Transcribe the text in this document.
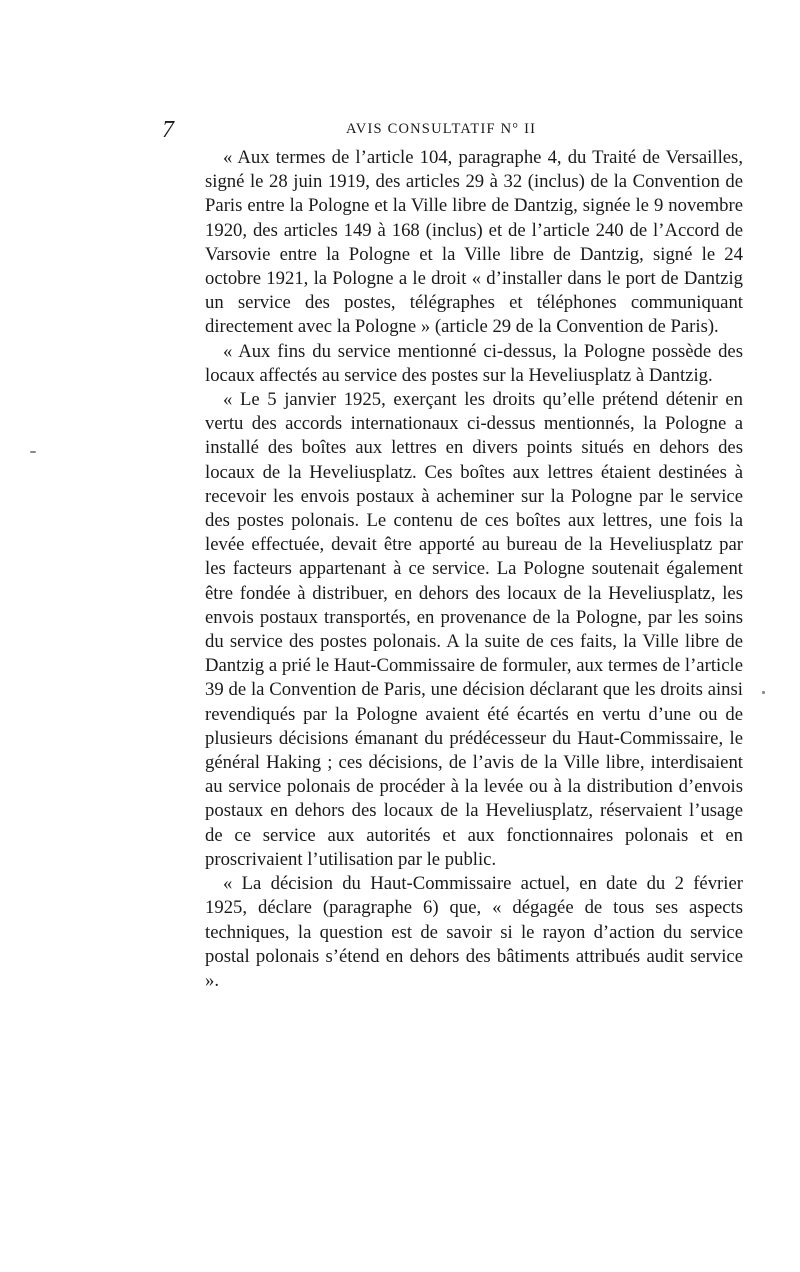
7	AVIS CONSULTATIF N° II

« Aux termes de l’article 104, paragraphe 4, du Traité de Versailles, signé le 28 juin 1919, des articles 29 à 32 (inclus) de la Convention de Paris entre la Pologne et la Ville libre de Dantzig, signée le 9 novembre 1920, des articles 149 à 168 (inclus) et de l’article 240 de l’Accord de Varsovie entre la Pologne et la Ville libre de Dantzig, signé le 24 octobre 1921, la Pologne a le droit « d’installer dans le port de Dantzig un service des postes, télégraphes et téléphones communiquant directement avec la Pologne » (article 29 de la Convention de Paris).

« Aux fins du service mentionné ci-dessus, la Pologne possède des locaux affectés au service des postes sur la Heveliusplatz à Dantzig.

« Le 5 janvier 1925, exerçant les droits qu’elle prétend détenir en vertu des accords internationaux ci-dessus mentionnés, la Pologne a installé des boîtes aux lettres en divers points situés en dehors des locaux de la Heveliusplatz. Ces boîtes aux lettres étaient destinées à recevoir les envois postaux à acheminer sur la Pologne par le service des postes polonais. Le contenu de ces boîtes aux lettres, une fois la levée effectuée, devait être apporté au bureau de la Heveliusplatz par les facteurs appartenant à ce service. La Pologne soutenait également être fondée à distribuer, en dehors des locaux de la Heveliusplatz, les envois postaux transportés, en provenance de la Pologne, par les soins du service des postes polonais. A la suite de ces faits, la Ville libre de Dantzig a prié le Haut-Commissaire de formuler, aux termes de l’article 39 de la Convention de Paris, une décision déclarant que les droits ainsi revendiqués par la Pologne avaient été écartés en vertu d’une ou de plusieurs décisions émanant du prédécesseur du Haut-Commissaire, le général Haking ; ces décisions, de l’avis de la Ville libre, interdisaient au service polonais de procéder à la levée ou à la distribution d’envois postaux en dehors des locaux de la Heveliusplatz, réservaient l’usage de ce service aux autorités et aux fonctionnaires polonais et en proscrivaient l’utilisation par le public.

« La décision du Haut-Commissaire actuel, en date du 2 février 1925, déclare (paragraphe 6) que, « dégagée de tous ses aspects techniques, la question est de savoir si le rayon d’action du service postal polonais s’étend en dehors des bâtiments attribués audit service ».
